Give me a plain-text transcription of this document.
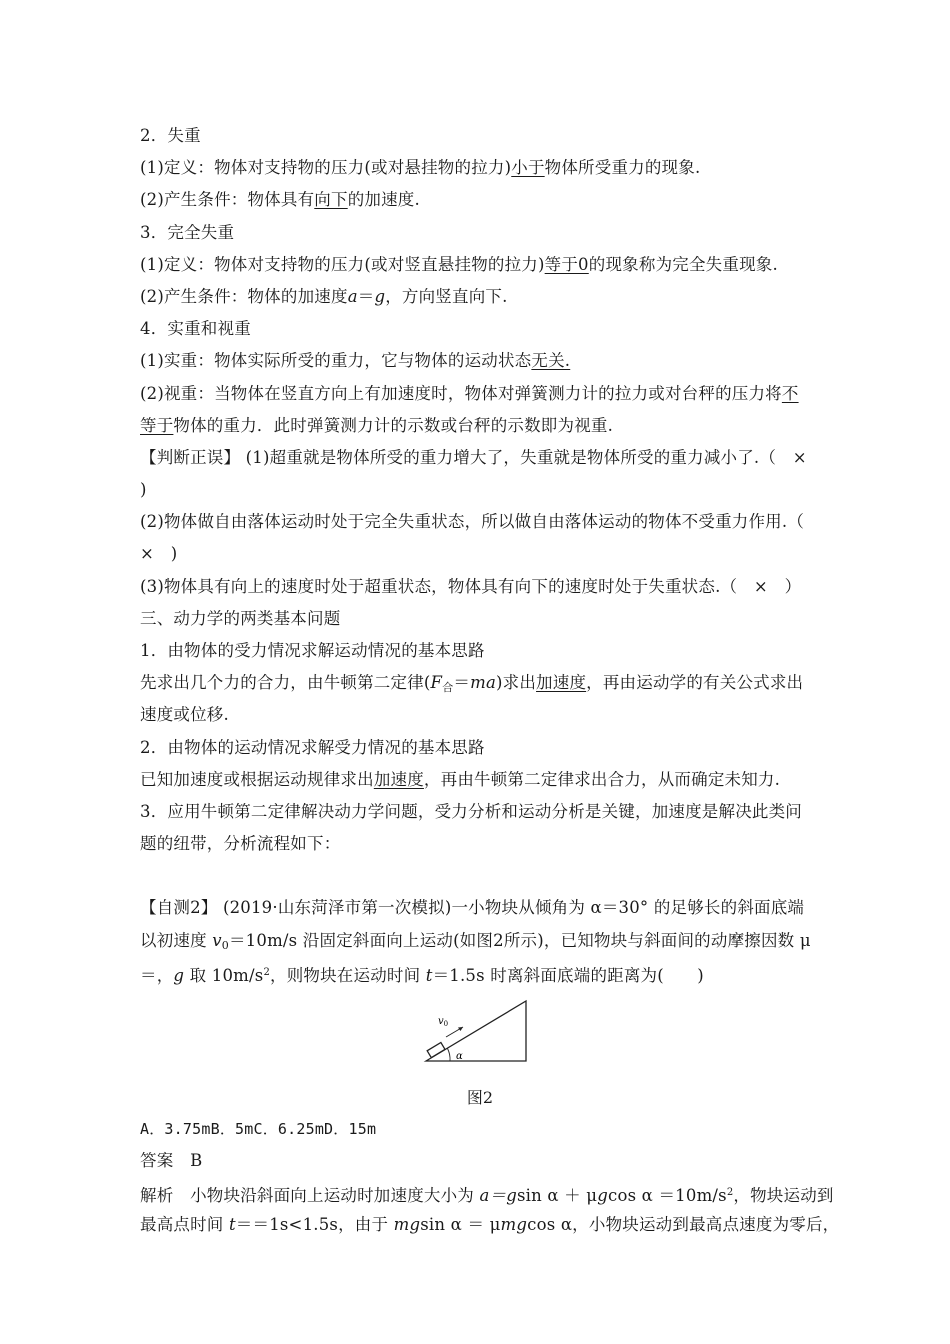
2．失重
(1)定义：物体对支持物的压力(或对悬挂物的拉力)小于物体所受重力的现象.
(2)产生条件：物体具有向下的加速度.
3．完全失重
(1)定义：物体对支持物的压力(或对竖直悬挂物的拉力)等于0的现象称为完全失重现象.
(2)产生条件：物体的加速度a＝g，方向竖直向下.
4．实重和视重
(1)实重：物体实际所受的重力，它与物体的运动状态无关.
(2)视重：当物体在竖直方向上有加速度时，物体对弹簧测力计的拉力或对台秤的压力将不
等于物体的重力．此时弹簧测力计的示数或台秤的示数即为视重.
【判断正误】 (1)超重就是物体所受的重力增大了，失重就是物体所受的重力减小了.（　×
)
(2)物体做自由落体运动时处于完全失重状态，所以做自由落体运动的物体不受重力作用.（
×　)
(3)物体具有向上的速度时处于超重状态，物体具有向下的速度时处于失重状态.（　×　）
三、动力学的两类基本问题
1．由物体的受力情况求解运动情况的基本思路
先求出几个力的合力，由牛顿第二定律$(F_合=ma)$求出加速度，再由运动学的有关公式求出
速度或位移.
2．由物体的运动情况求解受力情况的基本思路
已知加速度或根据运动规律求出加速度，再由牛顿第二定律求出合力，从而确定未知力.
3．应用牛顿第二定律解决动力学问题，受力分析和运动分析是关键，加速度是解决此类问
题的纽带，分析流程如下：
【自测2】 (2019·山东菏泽市第一次模拟)一小物块从倾角为 α＝30° 的足够长的斜面底端
以初速度 $v_0=10m/s$ 沿固定斜面向上运动(如图2所示)，已知物块与斜面间的动摩擦因数 μ
＝，g 取 $10m/s^2$，则物块在运动时间 t＝1.5s 时离斜面底端的距离为(　　)
$v_0$
α
图2
A．3.75mB．5mC．6.25mD．15m
答案　B
解析　小物块沿斜面向上运动时加速度大小为 a＝gsin α ＋ μgcos $\alpha =10m/s^2$，物块运动到
最高点时间 t＝＝1s<1.5s，由于 mgsin α ＝ μmgcos α，小物块运动到最高点速度为零后，
